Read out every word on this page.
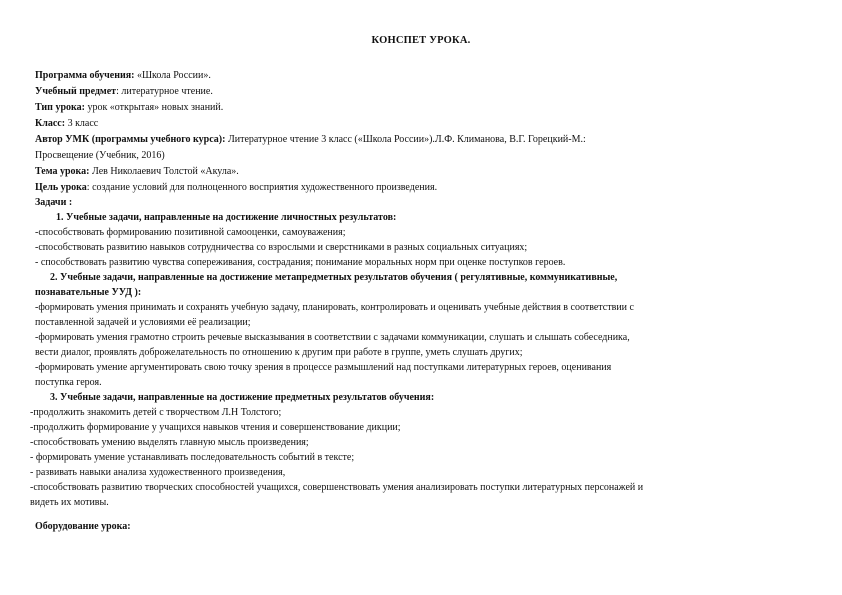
КОНСПЕТ УРОКА.
Программа обучения: «Школа России».
Учебный предмет: литературное чтение.
Тип урока: урок «открытая» новых знаний.
Класс: 3 класс
Автор УМК (программы учебного курса): Литературное чтение 3 класс («Школа России»).Л.Ф. Климанова, В.Г. Горецкий-М.:
Просвещение (Учебник, 2016)
Тема урока: Лев Николаевич Толстой «Акула».
Цель урока: создание условий для полноценного восприятия художественного произведения.
Задачи :
1. Учебные задачи, направленные на достижение личностных результатов:
-способствовать формированию позитивной самооценки, самоуважения;
-способствовать развитию навыков сотрудничества со взрослыми и сверстниками в разных социальных ситуациях;
- способствовать развитию чувства сопереживания, сострадания; понимание моральных норм при оценке поступков героев.
2. Учебные задачи, направленные на достижение метапредметных результатов обучения ( регулятивные, коммуникативные,
познавательные УУД ):
-формировать умения принимать и сохранять учебную задачу, планировать, контролировать и оценивать учебные действия в соответствии с
поставленной задачей и условиями её реализации;
-формировать умения грамотно строить речевые высказывания в соответствии с задачами коммуникации, слушать и слышать собеседника,
вести диалог, проявлять доброжелательность по отношению к другим при работе в группе, уметь слушать других;
-формировать умение аргументировать свою точку зрения в процессе размышлений над поступками литературных героев, оценивания
поступка героя.
3. Учебные задачи, направленные на достижение предметных результатов обучения:
-продолжить знакомить детей с творчеством Л.Н Толстого;
-продолжить формирование у учащихся навыков чтения и совершенствование дикции;
-способствовать умению выделять главную мысль произведения;
- формировать умение устанавливать последовательность событий в тексте;
- развивать навыки анализа художественного произведения,
-способствовать развитию творческих способностей учащихся, совершенствовать умения анализировать поступки литературных персонажей и
видеть их мотивы.
Оборудование урока:
